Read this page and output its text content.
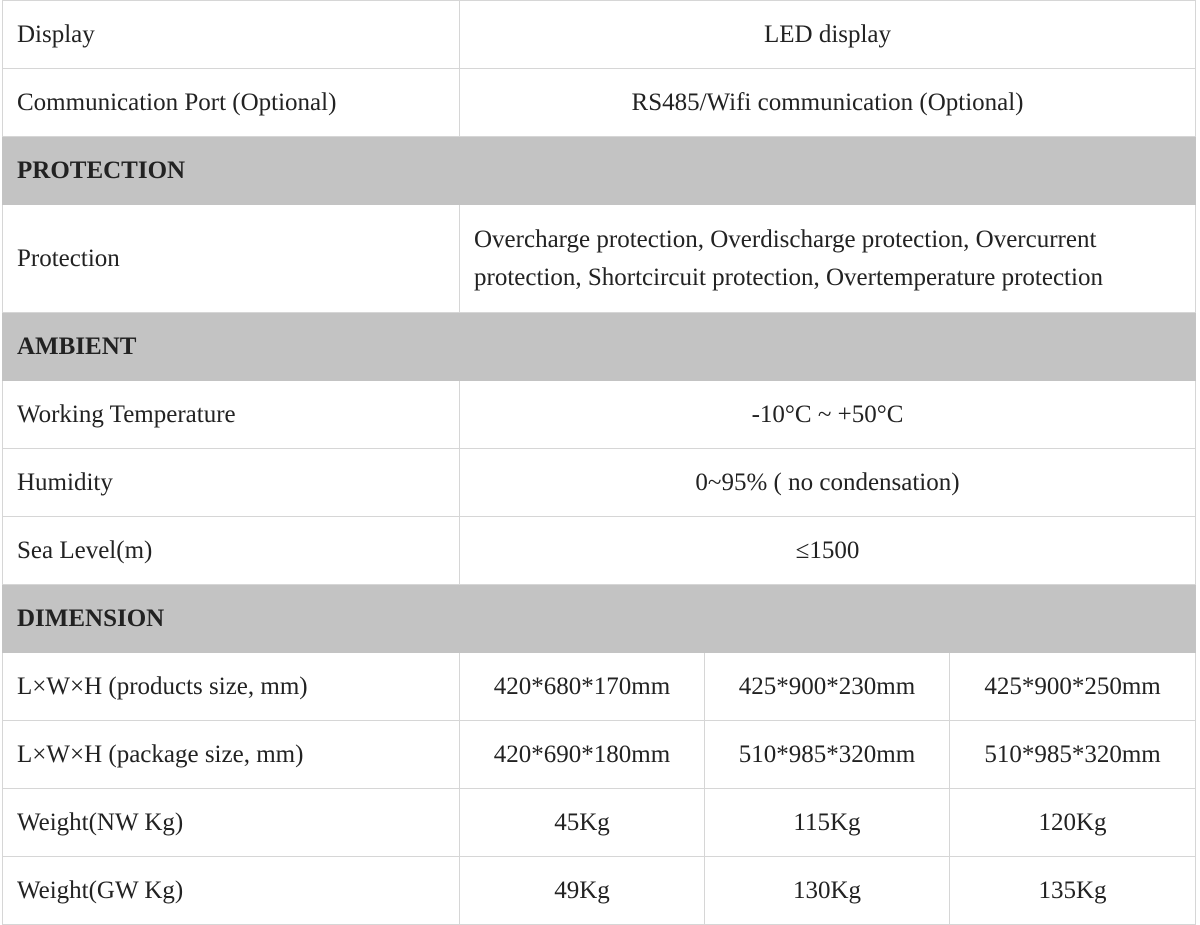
Display	LED display		
Communication Port (Optional)	RS485/Wifi communication (Optional)		
PROTECTION			
Protection	Overcharge protection, Overdischarge protection, Overcurrent protection, Shortcircuit protection, Overtemperature protection		
AMBIENT			
Working Temperature	-10°C ~ +50°C		
Humidity	0~95% ( no condensation)		
Sea Level(m)	≤1500		
DIMENSION			
L×W×H (products size, mm)	420*680*170mm	425*900*230mm	425*900*250mm
L×W×H (package size, mm)	420*690*180mm	510*985*320mm	510*985*320mm
Weight(NW Kg)	45Kg	115Kg	120Kg
Weight(GW Kg)	49Kg	130Kg	135Kg
